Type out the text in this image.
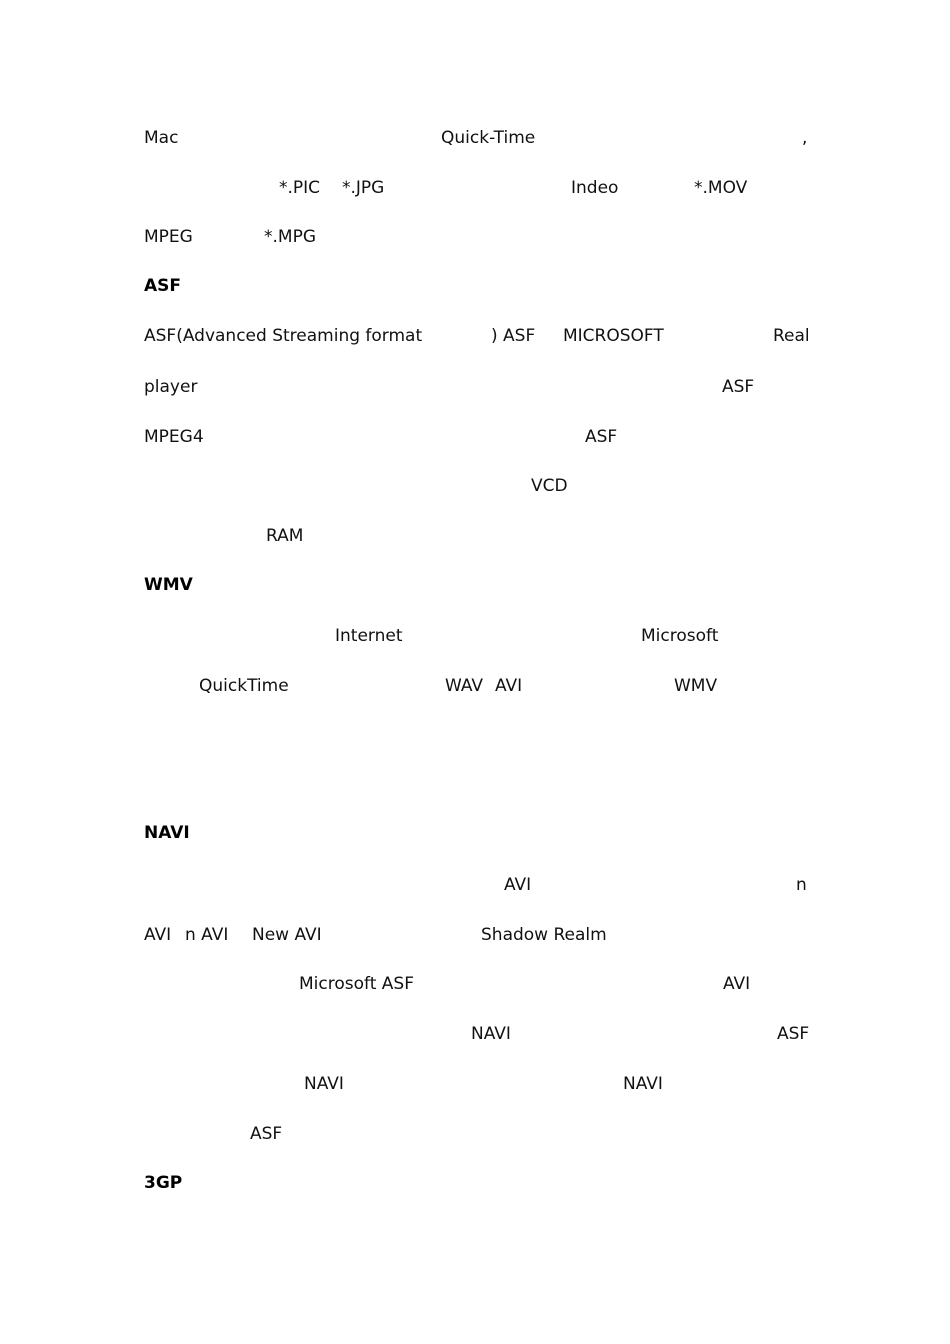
Mac	Quick-Time	,
*.PIC *.JPG	Indeo	*.MOV
MPEG	*.MPG
ASF
ASF(Advanced Streaming format	) ASF MICROSOFT	Real
player	ASF
MPEG4	ASF
VCD
RAM
WMV
Internet	Microsoft
QuickTime	WAV AVI	WMV
NAVI
AVI	n
AVI n AVI New AVI	Shadow Realm
Microsoft ASF	AVI
NAVI	ASF
NAVI	NAVI
ASF
3GP
